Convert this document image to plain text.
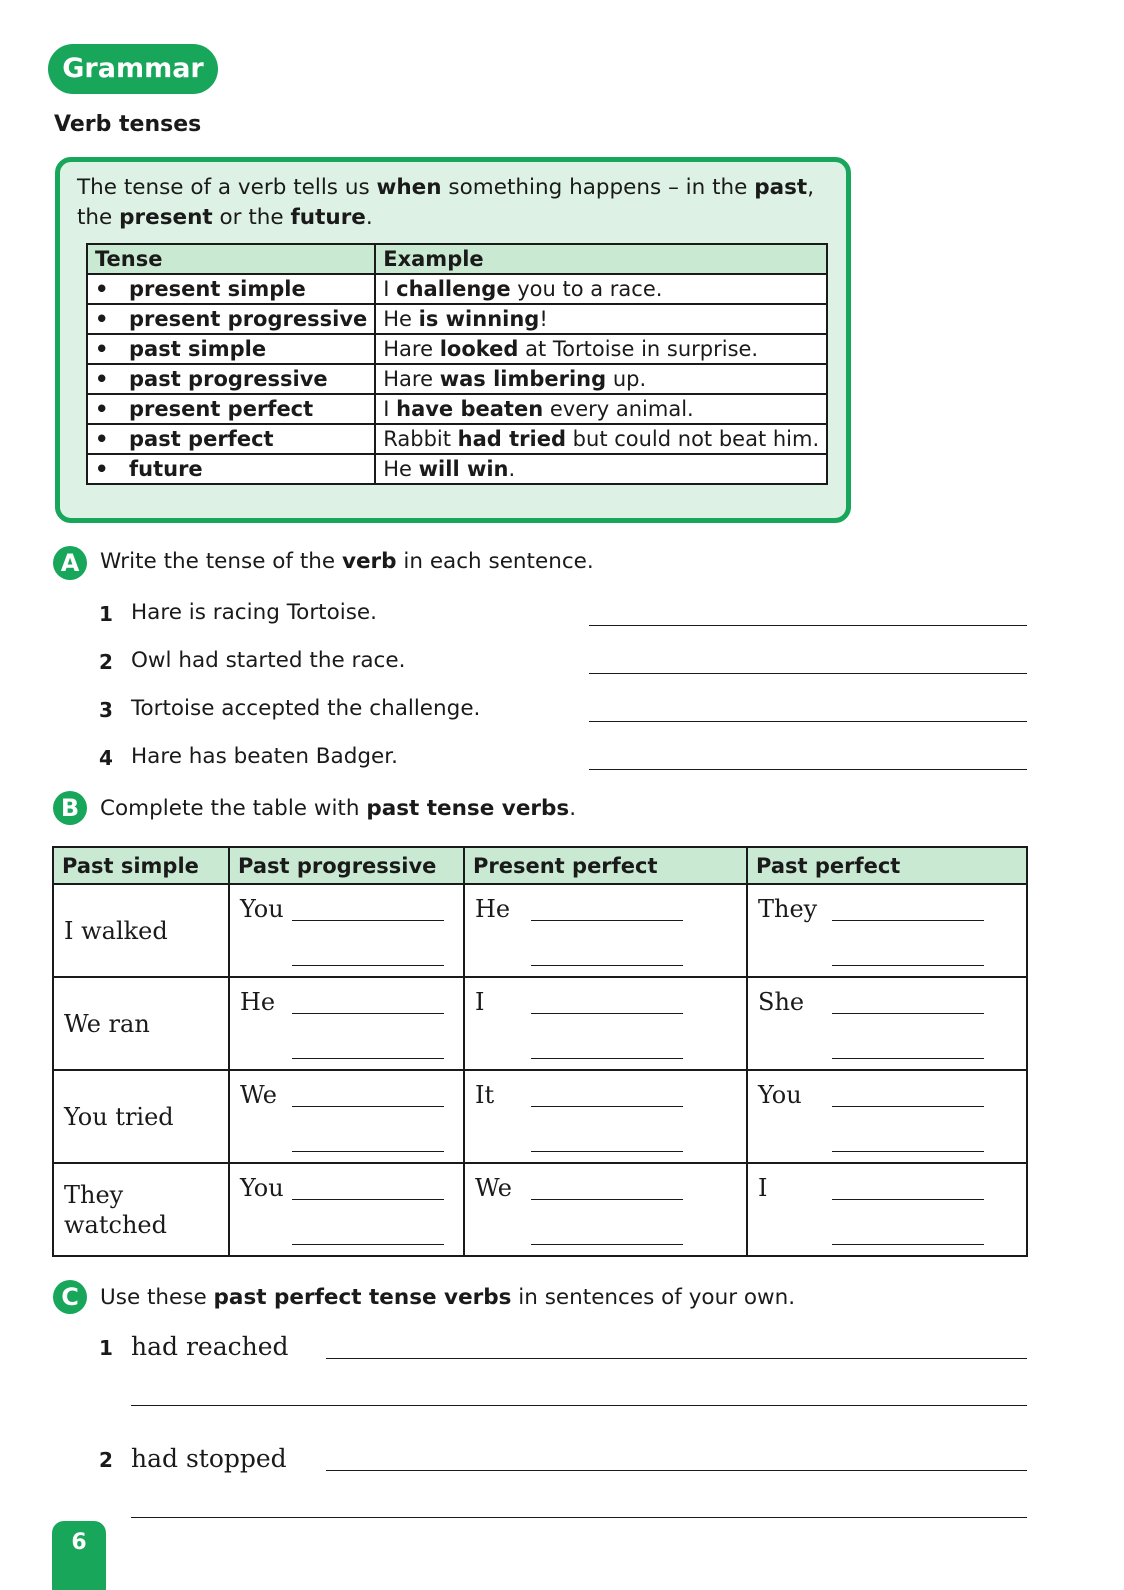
Grammar
Verb tenses
The tense of a verb tells us when something happens – in the past,
the present or the future.
Tense	Example
• present simple	I challenge you to a race.
• present progressive	He is winning!
• past simple	Hare looked at Tortoise in surprise.
• past progressive	Hare was limbering up.
• present perfect	I have beaten every animal.
• past perfect	Rabbit had tried but could not beat him.
• future	He will win.
A Write the tense of the verb in each sentence.
1 Hare is racing Tortoise.
2 Owl had started the race.
3 Tortoise accepted the challenge.
4 Hare has beaten Badger.
B Complete the table with past tense verbs.
Past simple	Past progressive	Present perfect	Past perfect

I walked	You	He	They

We ran	He	I	She

You tried	We	It	You

They watched	You	We	I
C Use these past perfect tense verbs in sentences of your own.
1 had reached
2 had stopped
6
